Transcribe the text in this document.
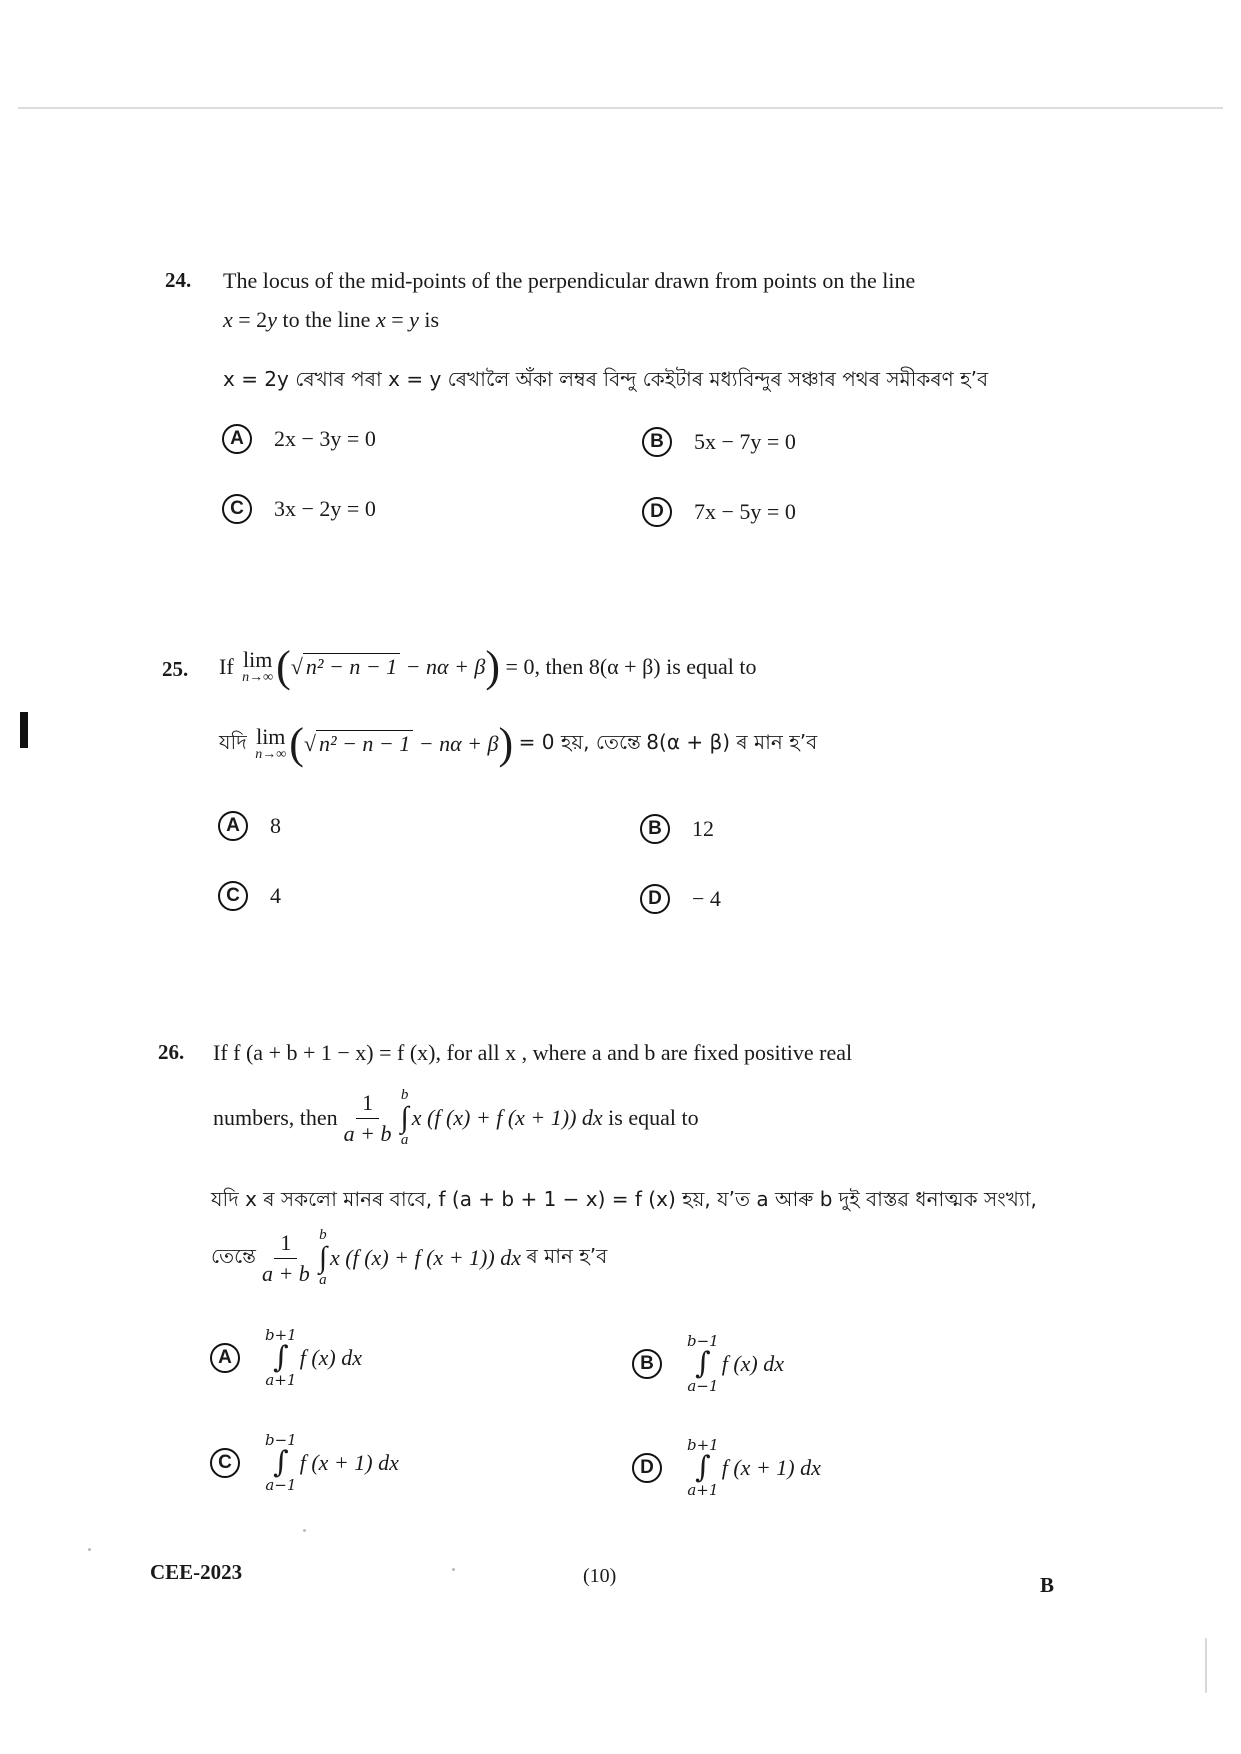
24. The locus of the mid-points of the perpendicular drawn from points on the line
x = 2y to the line x = y is
x = 2y ৰেখাৰ পৰা x = y ৰেখালৈ অঁকা লম্বৰ বিন্দু কেইটাৰ মধ্যবিন্দুৰ সঞ্চাৰ পথৰ সমীকৰণ হ’ব
A	2x − 3y = 0	B	5x − 7y = 0
C	3x − 2y = 0	D	7x − 5y = 0
25. If
lim
n→∞ ( √ n² − n − 1
− nα + β )
= 0, then
8(α + β) is equal to
যদি
lim
n→∞ ( √ n² − n − 1
− nα + β )
= 0 হয়, তেন্তে
8(α + β) ৰ মান হ’ব
A	8	B	12
C	4	D	− 4
26. If f (a + b + 1 − x) = f (x), for all x , where a and b are fixed positive real
numbers, then $\frac{1}{a + b}$ b
∫
a
x (f (x) + f (x + 1)) dx
is equal to
যদি x ৰ সকলো মানৰ বাবে, f (a + b + 1 − x) = f (x) হয়, য’ত a আৰু b দুই বাস্তৱ ধনাত্মক সংখ্যা,
তেন্তে $\frac{1}{a + b}$ b
∫
a
x (f (x) + f (x + 1)) dx
ৰ মান হ’ব
A
b+1
∫
a+1
f (x) dx	B
b−1
∫
a−1
f (x) dx
C
b−1
∫
a−1
f (x + 1) dx	D
b+1
∫
a+1
f (x + 1) dx
CEE-2023	(10)	B
